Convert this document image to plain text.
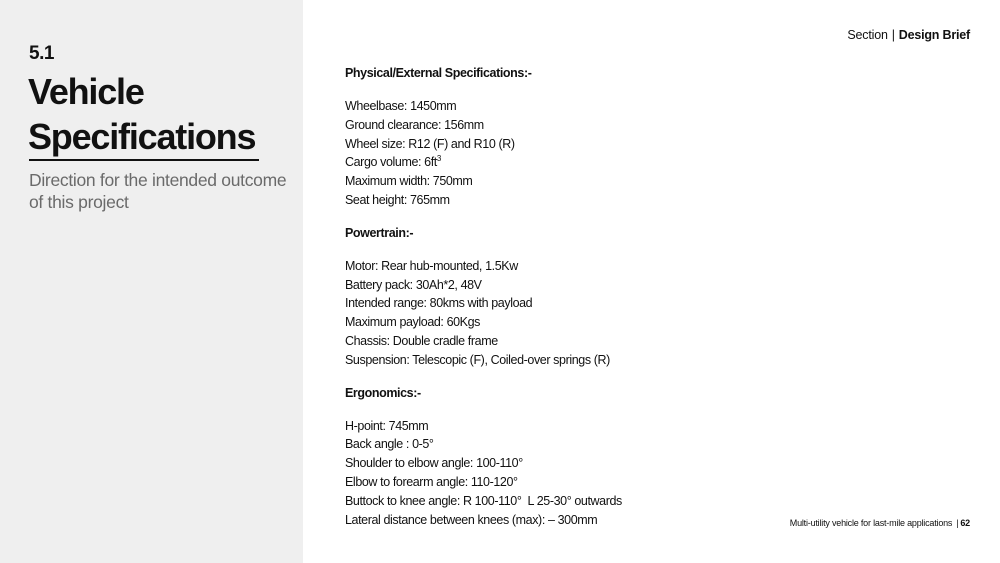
5.1
Vehicle
Specifications
Direction for the intended outcome of this project
Section | Design Brief
Physical/External Specifications:-
Wheelbase: 1450mm
Ground clearance: 156mm
Wheel size: R12 (F) and R10 (R)
Cargo volume: $6ft^3$
Maximum width: 750mm
Seat height: 765mm
Powertrain:-
Motor: Rear hub-mounted, 1.5Kw
Battery pack: 30Ah*2, 48V
Intended range: 80kms with payload
Maximum payload: 60Kgs
Chassis: Double cradle frame
Suspension: Telescopic (F), Coiled-over springs (R)
Ergonomics:-
H-point: 745mm
Back angle : 0-5°
Shoulder to elbow angle: 100-110°
Elbow to forearm angle: 110-120°
Buttock to knee angle: R 100-110°  L 25-30° outwards
Lateral distance between knees (max): – 300mm	Multi-utility vehicle for last-mile applications | 62
